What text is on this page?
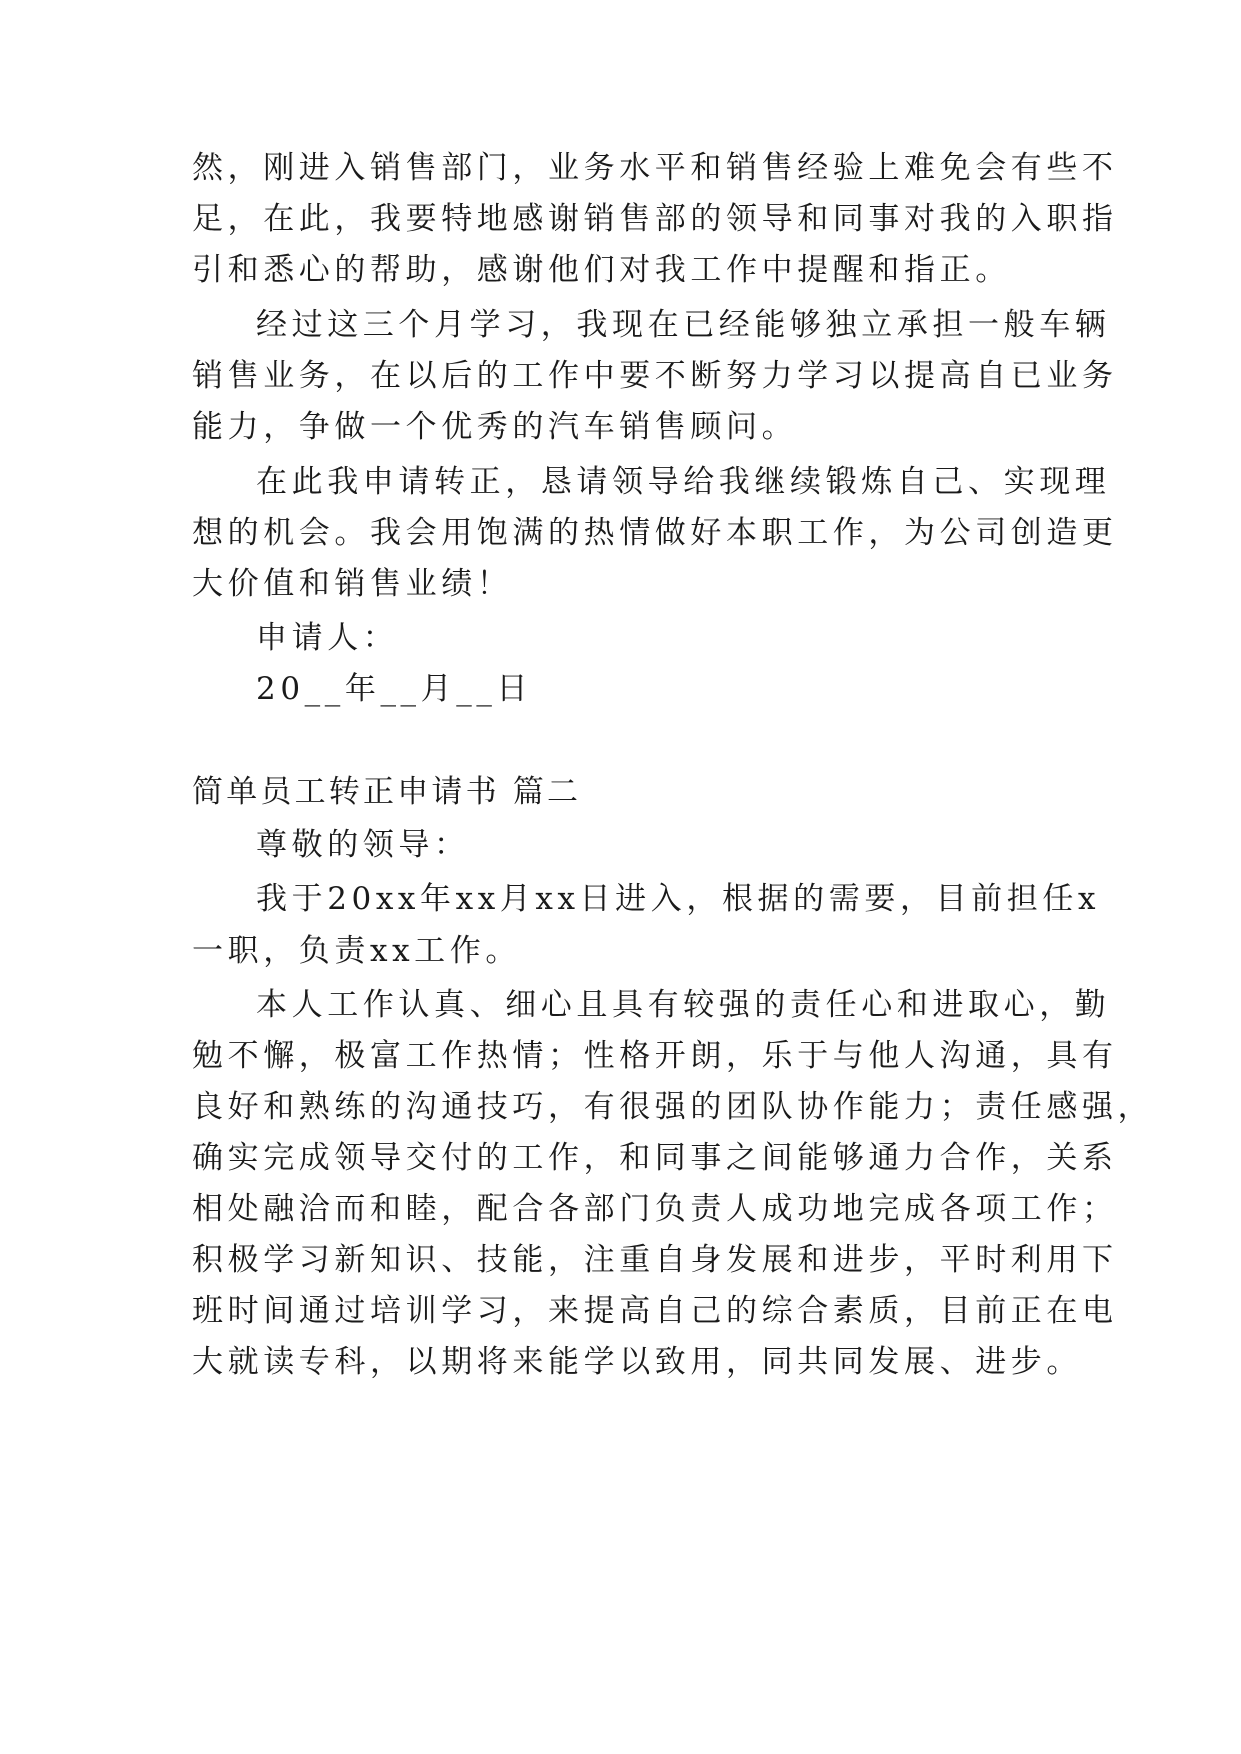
然，刚进入销售部门，业务水平和销售经验上难免会有些不
足，在此，我要特地感谢销售部的领导和同事对我的入职指
引和悉心的帮助，感谢他们对我工作中提醒和指正。
经过这三个月学习，我现在已经能够独立承担一般车辆
销售业务，在以后的工作中要不断努力学习以提高自已业务
能力，争做一个优秀的汽车销售顾问。
在此我申请转正，恳请领导给我继续锻炼自己、实现理
想的机会。我会用饱满的热情做好本职工作，为公司创造更
大价值和销售业绩！
申请人：
20__年__月__日
简单员工转正申请书 篇二
尊敬的领导：
我于20xx年xx月xx日进入，根据的需要，目前担任x
一职，负责xx工作。
本人工作认真、细心且具有较强的责任心和进取心，勤
勉不懈，极富工作热情；性格开朗，乐于与他人沟通，具有
良好和熟练的沟通技巧，有很强的团队协作能力；责任感强，
确实完成领导交付的工作，和同事之间能够通力合作，关系
相处融洽而和睦，配合各部门负责人成功地完成各项工作；
积极学习新知识、技能，注重自身发展和进步，平时利用下
班时间通过培训学习，来提高自己的综合素质，目前正在电
大就读专科，以期将来能学以致用，同共同发展、进步。
